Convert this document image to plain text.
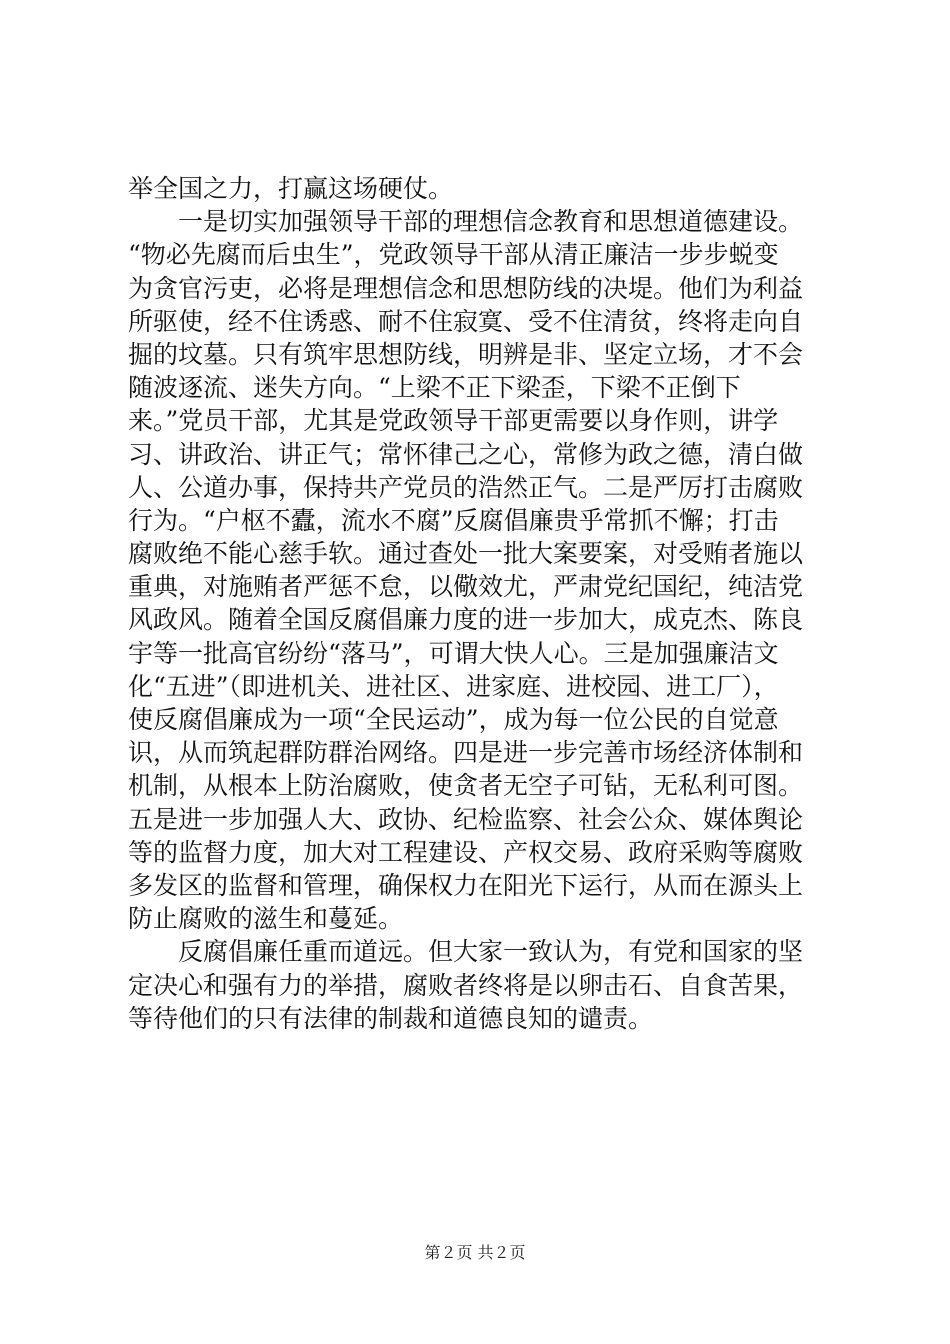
举全国之力，打赢这场硬仗。
　　一是切实加强领导干部的理想信念教育和思想道德建设。
“物必先腐而后虫生”，党政领导干部从清正廉洁一步步蜕变
为贪官污吏，必将是理想信念和思想防线的决堤。他们为利益
所驱使，经不住诱惑、耐不住寂寞、受不住清贫，终将走向自
掘的坟墓。只有筑牢思想防线，明辨是非、坚定立场，才不会
随波逐流、迷失方向。“上梁不正下梁歪，下梁不正倒下
来。”党员干部，尤其是党政领导干部更需要以身作则，讲学
习、讲政治、讲正气；常怀律己之心，常修为政之德，清白做
人、公道办事，保持共产党员的浩然正气。二是严厉打击腐败
行为。“户枢不蠹，流水不腐”反腐倡廉贵乎常抓不懈；打击
腐败绝不能心慈手软。通过查处一批大案要案，对受贿者施以
重典，对施贿者严惩不怠，以儆效尤，严肃党纪国纪，纯洁党
风政风。随着全国反腐倡廉力度的进一步加大，成克杰、陈良
宇等一批高官纷纷“落马”，可谓大快人心。三是加强廉洁文
化“五进”（即进机关、进社区、进家庭、进校园、进工厂），
使反腐倡廉成为一项“全民运动”，成为每一位公民的自觉意
识，从而筑起群防群治网络。四是进一步完善市场经济体制和
机制，从根本上防治腐败，使贪者无空子可钻，无私利可图。
五是进一步加强人大、政协、纪检监察、社会公众、媒体舆论
等的监督力度，加大对工程建设、产权交易、政府采购等腐败
多发区的监督和管理，确保权力在阳光下运行，从而在源头上
防止腐败的滋生和蔓延。
　　反腐倡廉任重而道远。但大家一致认为，有党和国家的坚
定决心和强有力的举措，腐败者终将是以卵击石、自食苦果，
等待他们的只有法律的制裁和道德良知的谴责。
第２页 共２页
